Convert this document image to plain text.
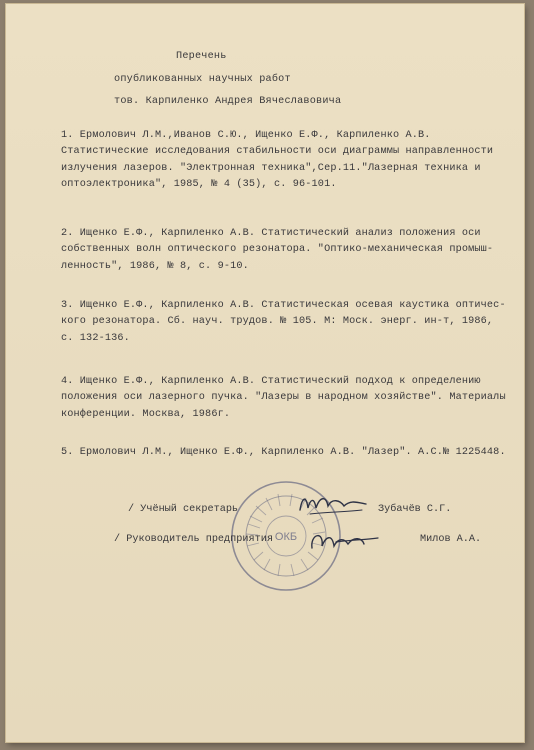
Перечень
опубликованных научных работ
тов. Карпиленко Андрея Вячеславовича
1. Ермолович Л.М.,Иванов С.Ю., Ищенко Е.Ф., Карпиленко А.В.
Статистические исследования стабильности оси диаграммы направленности
излучения лазеров. "Электронная техника",Сер.11."Лазерная техника и
оптоэлектроника", 1985, № 4 (35), с. 96-101.
2. Ищенко Е.Ф., Карпиленко А.В. Статистический анализ положения оси
собственных волн оптического резонатора. "Оптико-механическая промыш-
ленность", 1986, № 8, с. 9-10.
3. Ищенко Е.Ф., Карпиленко А.В. Статистическая осевая каустика оптичес-
кого резонатора. Сб. науч. трудов. № 105. М: Моск. энерг. ин-т, 1986,
с. 132-136.
4. Ищенко Е.Ф., Карпиленко А.В. Статистический подход к определению
положения оси лазерного пучка. "Лазеры в народном хозяйстве". Материалы
конференции. Москва, 1986г.
5. Ермолович Л.М., Ищенко Е.Ф., Карпиленко А.В. "Лазер". А.С.№ 1225448.
ОКБ
/ Учёный секретарь	Зубачёв С.Г.
/ Руководитель предприятия	Милов А.А.
